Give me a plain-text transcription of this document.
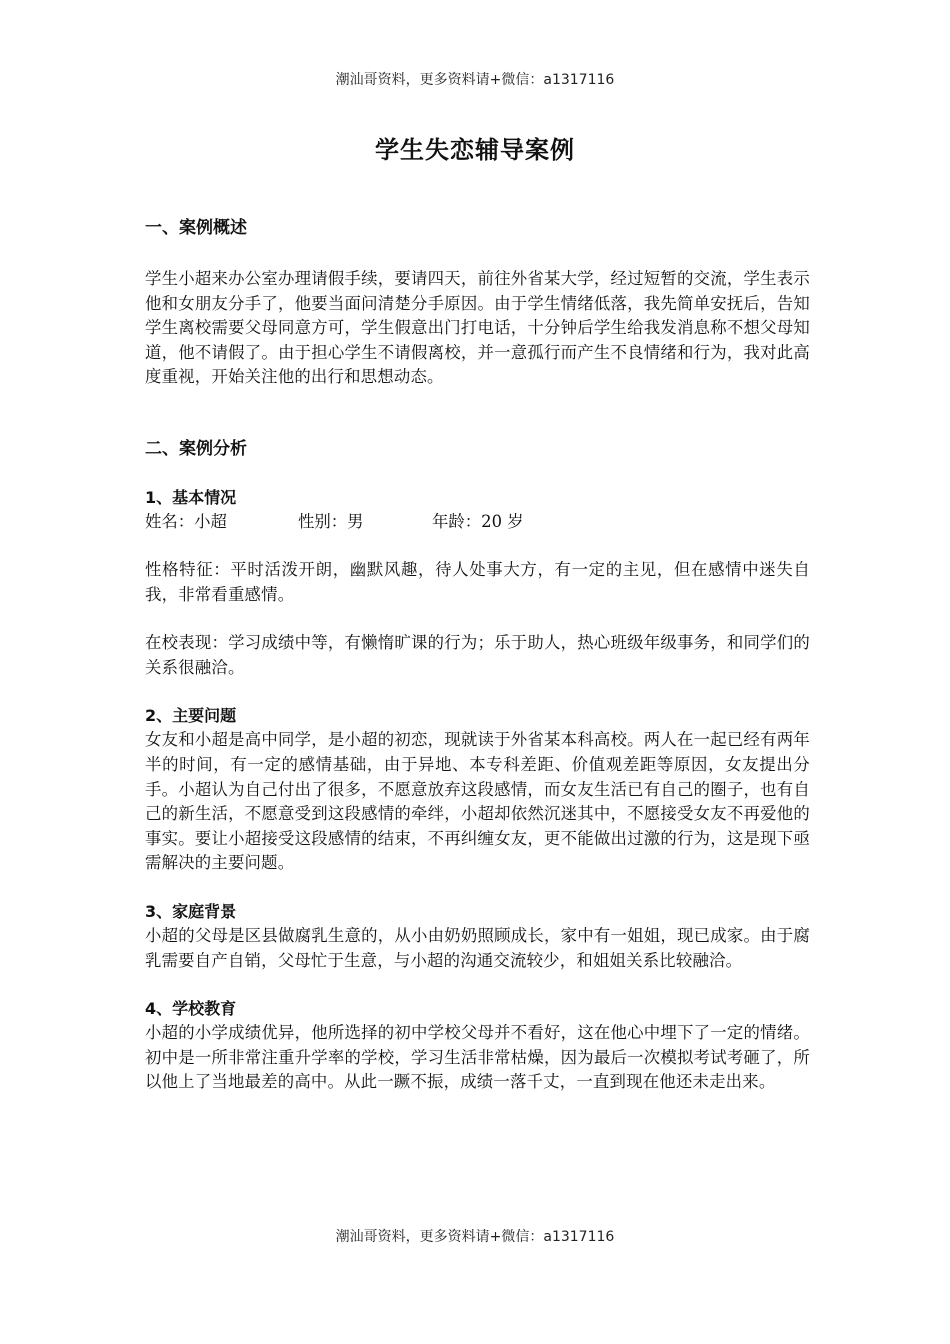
潮汕哥资料，更多资料请+微信：a1317116
学生失恋辅导案例
一、案例概述
学生小超来办公室办理请假手续，要请四天，前往外省某大学，经过短暂的交流，学生表示他和女朋友分手了，他要当面问清楚分手原因。由于学生情绪低落，我先简单安抚后，告知学生离校需要父母同意方可，学生假意出门打电话，十分钟后学生给我发消息称不想父母知道，他不请假了。由于担心学生不请假离校，并一意孤行而产生不良情绪和行为，我对此高度重视，开始关注他的出行和思想动态。
二、案例分析
1、基本情况
姓名：小超	性别：男	年龄：20 岁
性格特征：平时活泼开朗，幽默风趣，待人处事大方，有一定的主见，但在感情中迷失自我，非常看重感情。
在校表现：学习成绩中等，有懒惰旷课的行为；乐于助人，热心班级年级事务，和同学们的关系很融洽。
2、主要问题
女友和小超是高中同学，是小超的初恋，现就读于外省某本科高校。两人在一起已经有两年半的时间，有一定的感情基础，由于异地、本专科差距、价值观差距等原因，女友提出分手。小超认为自己付出了很多，不愿意放弃这段感情，而女友生活已有自己的圈子，也有自己的新生活，不愿意受到这段感情的牵绊，小超却依然沉迷其中，不愿接受女友不再爱他的事实。要让小超接受这段感情的结束，不再纠缠女友，更不能做出过激的行为，这是现下亟需解决的主要问题。
3、家庭背景
小超的父母是区县做腐乳生意的，从小由奶奶照顾成长，家中有一姐姐，现已成家。由于腐乳需要自产自销，父母忙于生意，与小超的沟通交流较少，和姐姐关系比较融洽。
4、学校教育
小超的小学成绩优异，他所选择的初中学校父母并不看好，这在他心中埋下了一定的情绪。初中是一所非常注重升学率的学校，学习生活非常枯燥，因为最后一次模拟考试考砸了，所以他上了当地最差的高中。从此一蹶不振，成绩一落千丈，一直到现在他还未走出来。
潮汕哥资料，更多资料请+微信：a1317116
